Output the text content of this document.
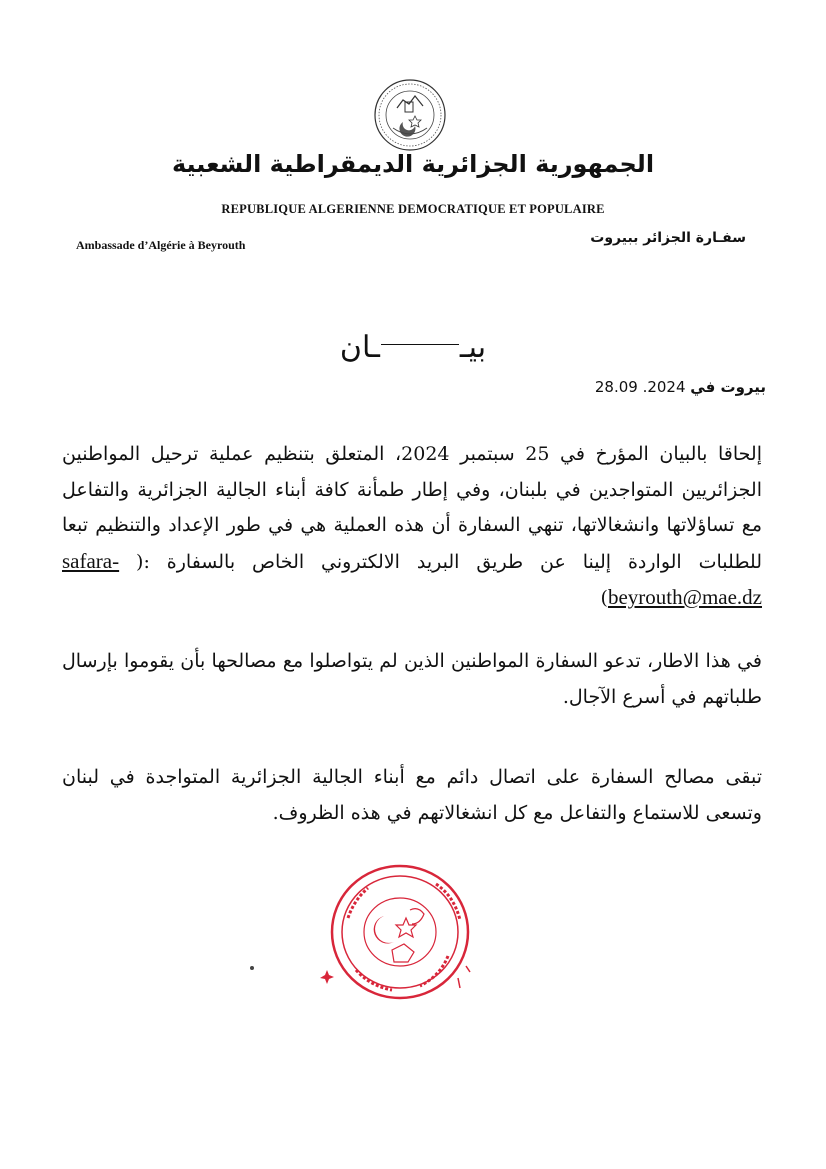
الجمهورية الجزائرية الديمقراطية الشعبية
REPUBLIQUE ALGERIENNE DEMOCRATIQUE ET POPULAIRE
Ambassade d’Algérie à Beyrouth	سفـارة الجزائر ببيروت
بيــان
بيروت في 28.09 .2024

إلحاقا بالبيان المؤرخ في 25 سبتمبر 2024، المتعلق بتنظيم عملية ترحيل المواطنين الجزائريين المتواجدين في بلبنان، وفي إطار طمأنة كافة أبناء الجالية الجزائرية والتفاعل مع تساؤلاتها وانشغالاتها، تنهي السفارة أن هذه العملية هي في طور الإعداد والتنظيم تبعا للطلبات الواردة إلينا عن طريق البريد الالكتروني الخاص بالسفارة :( safara-beyrouth@mae.dz)

في هذا الاطار، تدعو السفارة المواطنين الذين لم يتواصلوا مع مصالحها بأن يقوموا بإرسال طلباتهم في أسرع الآجال.

تبقى مصالح السفارة على اتصال دائم مع أبناء الجالية الجزائرية المتواجدة في لبنان وتسعى للاستماع والتفاعل مع كل انشغالاتهم في هذه الظروف.
